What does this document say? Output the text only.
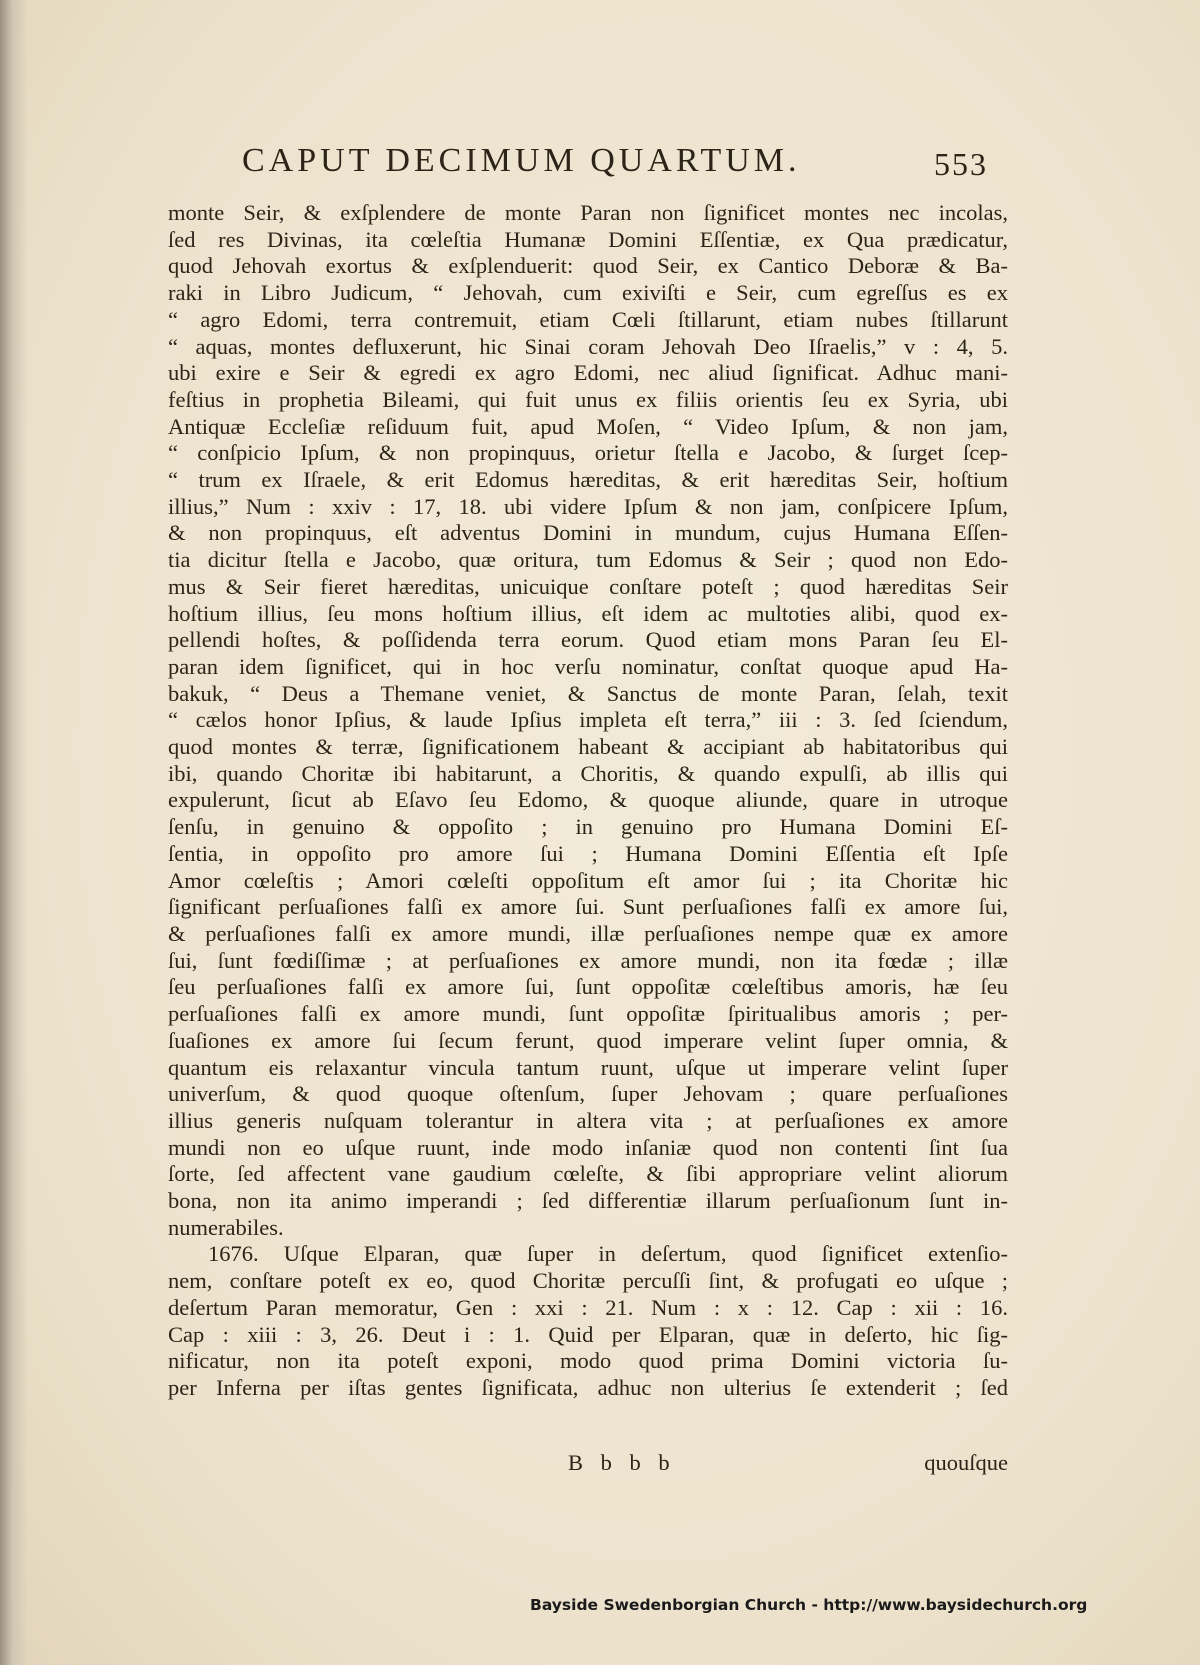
CAPUT DECIMUM QUARTUM.	553
monte Seir, & exſplendere de monte Paran non ſignificet montes nec incolas,
ſed res Divinas, ita cœleſtia Humanæ Domini Eſſentiæ, ex Qua prædicatur,
quod Jehovah exortus & exſplenduerit: quod Seir, ex Cantico Deboræ & Ba-
raki in Libro Judicum, “ Jehovah, cum exiviſti e Seir, cum egreſſus es ex
“ agro Edomi, terra contremuit, etiam Cœli ſtillarunt, etiam nubes ſtillarunt
“ aquas, montes defluxerunt, hic Sinai coram Jehovah Deo Iſraelis,” v : 4, 5.
ubi exire e Seir & egredi ex agro Edomi, nec aliud ſignificat. Adhuc mani-
feſtius in prophetia Bileami, qui fuit unus ex filiis orientis ſeu ex Syria, ubi
Antiquæ Eccleſiæ reſiduum fuit, apud Moſen, “ Video Ipſum, & non jam,
“ conſpicio Ipſum, & non propinquus, orietur ſtella e Jacobo, & ſurget ſcep-
“ trum ex Iſraele, & erit Edomus hæreditas, & erit hæreditas Seir, hoſtium
illius,” Num : xxiv : 17, 18. ubi videre Ipſum & non jam, conſpicere Ipſum,
& non propinquus, eſt adventus Domini in mundum, cujus Humana Eſſen-
tia dicitur ſtella e Jacobo, quæ oritura, tum Edomus & Seir ; quod non Edo-
mus & Seir fieret hæreditas, unicuique conſtare poteſt ; quod hæreditas Seir
hoſtium illius, ſeu mons hoſtium illius, eſt idem ac multoties alibi, quod ex-
pellendi hoſtes, & poſſidenda terra eorum. Quod etiam mons Paran ſeu El-
paran idem ſignificet, qui in hoc verſu nominatur, conſtat quoque apud Ha-
bakuk, “ Deus a Themane veniet, & Sanctus de monte Paran, ſelah, texit
“ cælos honor Ipſius, & laude Ipſius impleta eſt terra,” iii : 3. ſed ſciendum,
quod montes & terræ, ſignificationem habeant & accipiant ab habitatoribus qui
ibi, quando Choritæ ibi habitarunt, a Choritis, & quando expulſi, ab illis qui
expulerunt, ſicut ab Eſavo ſeu Edomo, & quoque aliunde, quare in utroque
ſenſu, in genuino & oppoſito ; in genuino pro Humana Domini Eſ-
ſentia, in oppoſito pro amore ſui ; Humana Domini Eſſentia eſt Ipſe
Amor cœleſtis ; Amori cœleſti oppoſitum eſt amor ſui ; ita Choritæ hic
ſignificant perſuaſiones falſi ex amore ſui. Sunt perſuaſiones falſi ex amore ſui,
& perſuaſiones falſi ex amore mundi, illæ perſuaſiones nempe quæ ex amore
ſui, ſunt fœdiſſimæ ; at perſuaſiones ex amore mundi, non ita fœdæ ; illæ
ſeu perſuaſiones falſi ex amore ſui, ſunt oppoſitæ cœleſtibus amoris, hæ ſeu
perſuaſiones falſi ex amore mundi, ſunt oppoſitæ ſpiritualibus amoris ; per-
ſuaſiones ex amore ſui ſecum ferunt, quod imperare velint ſuper omnia, &
quantum eis relaxantur vincula tantum ruunt, uſque ut imperare velint ſuper
univerſum, & quod quoque oſtenſum, ſuper Jehovam ; quare perſuaſiones
illius generis nuſquam tolerantur in altera vita ; at perſuaſiones ex amore
mundi non eo uſque ruunt, inde modo inſaniæ quod non contenti ſint ſua
ſorte, ſed affectent vane gaudium cœleſte, & ſibi appropriare velint aliorum
bona, non ita animo imperandi ; ſed differentiæ illarum perſuaſionum ſunt in-
numerabiles.
1676. Uſque Elparan, quæ ſuper in deſertum, quod ſignificet extenſio-
nem, conſtare poteſt ex eo, quod Choritæ percuſſi ſint, & profugati eo uſque ;
deſertum Paran memoratur, Gen : xxi : 21. Num : x : 12. Cap : xii : 16.
Cap : xiii : 3, 26. Deut i : 1. Quid per Elparan, quæ in deſerto, hic ſig-
nificatur, non ita poteſt exponi, modo quod prima Domini victoria ſu-
per Inferna per iſtas gentes ſignificata, adhuc non ulterius ſe extenderit ; ſed
B b b b	quouſque
Bayside Swedenborgian Church - http://www.baysidechurch.org
